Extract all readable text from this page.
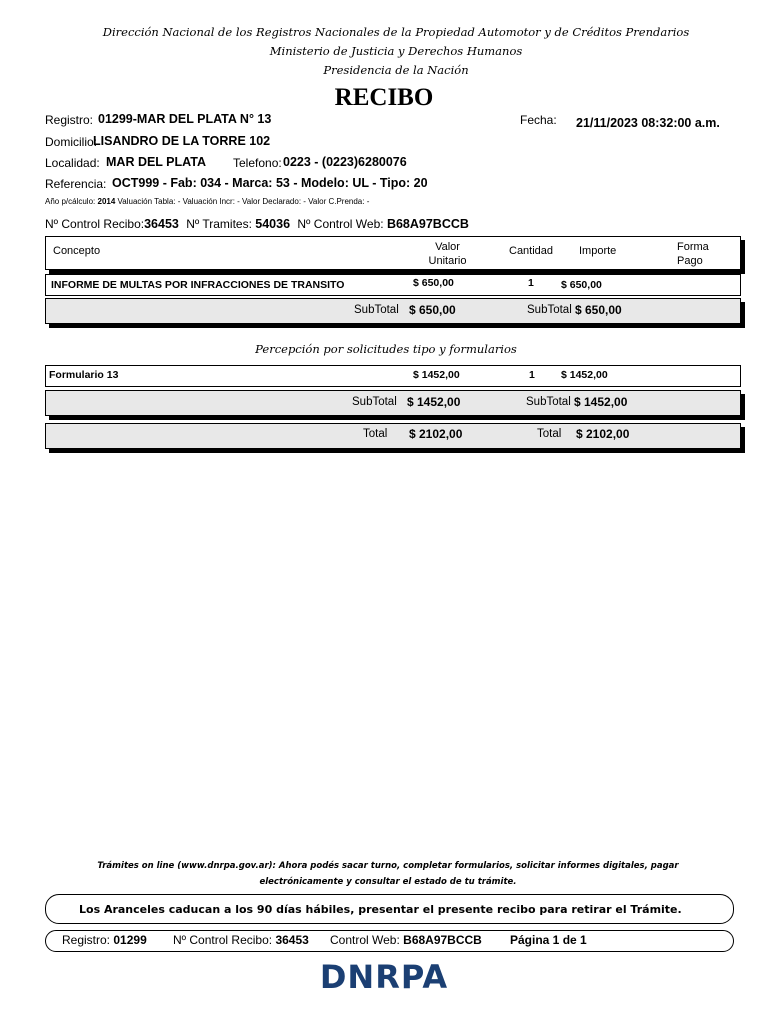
Dirección Nacional de los Registros Nacionales de la Propiedad Automotor y de Créditos Prendarios
Ministerio de Justicia y Derechos Humanos
Presidencia de la Nación
RECIBO
Registro: 01299-MAR DEL PLATA N° 13	Fecha: 21/11/2023 08:32:00 a.m.
Domicilio:
LISANDRO DE LA TORRE 102
Localidad: MAR DEL PLATA Telefono: 0223 - (0223)6280076
Referencia: OCT999 - Fab: 034 - Marca: 53 - Modelo: UL - Tipo: 20
Año p/cálculo: 2014 Valuación Tabla: - Valuación Incr: - Valor Declarado: - Valor C.Prenda: -
Nº Control Recibo:36453 Nº Tramites: 54036 Nº Control Web: B68A97BCCB
Concepto	Valor
Unitario
Cantidad Importe	Forma
Pago
INFORME DE MULTAS POR INFRACCIONES DE TRANSITO	$ 650,00	1	$ 650,00
SubTotal $ 650,00	SubTotal $ 650,00
Percepción por solicitudes tipo y formularios
Formulario 13	$ 1452,00	1 $ 1452,00
SubTotal $ 1452,00	SubTotal $ 1452,00
Total $ 2102,00	Total $ 2102,00
Trámites on line (www.dnrpa.gov.ar): Ahora podés sacar turno, completar formularios, solicitar informes digitales, pagar
electrónicamente y consultar el estado de tu trámite.
Los Aranceles caducan a los 90 días hábiles, presentar el presente recibo para retirar el Trámite.
Registro: 01299 Nº Control Recibo: 36453 Control Web: B68A97BCCB Página 1 de 1
DNRPA
